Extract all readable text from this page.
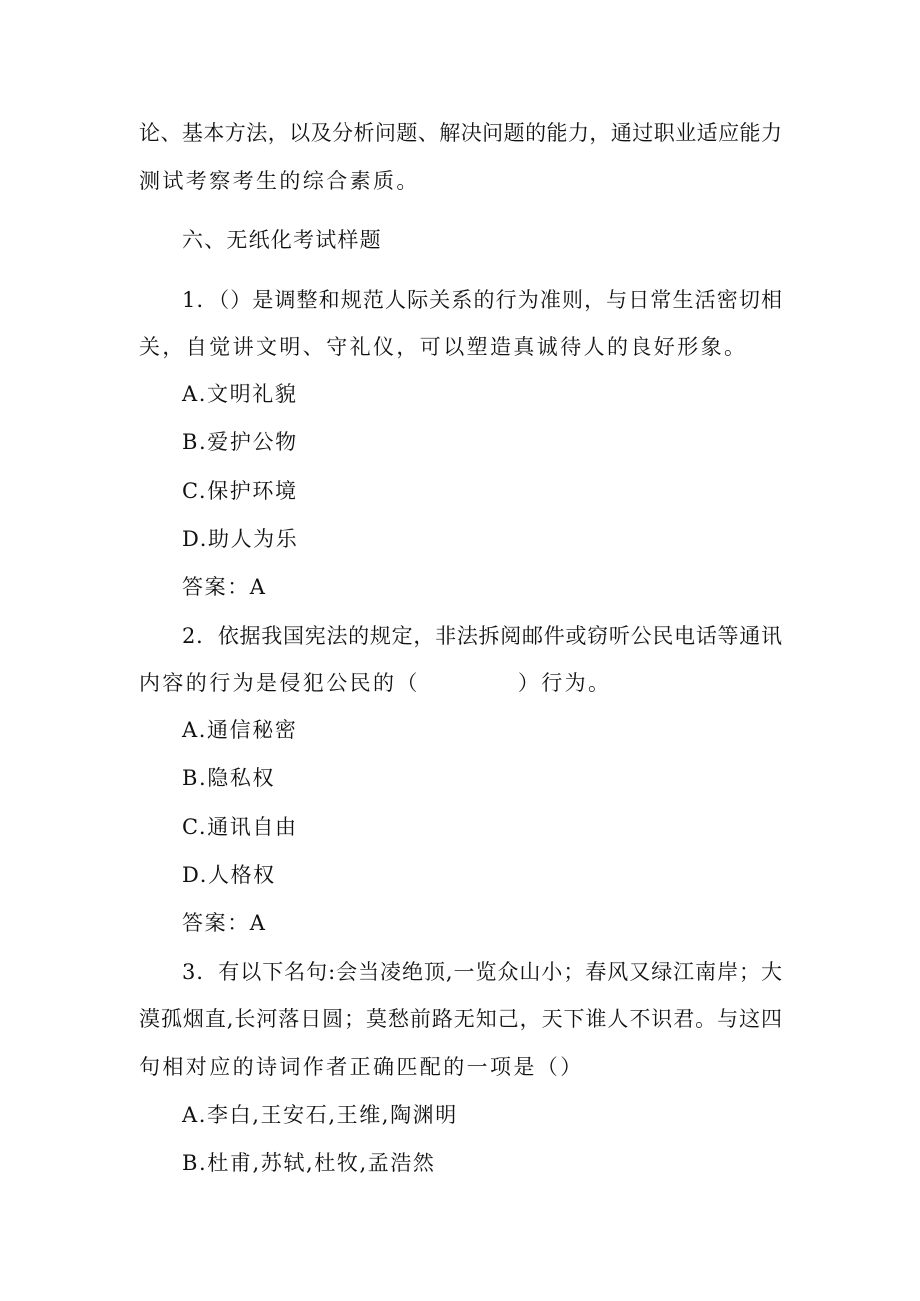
论、基本方法，以及分析问题、解决问题的能力，通过职业适应能力
测试考察考生的综合素质。
六、无纸化考试样题
1．（）是调整和规范人际关系的行为准则，与日常生活密切相
关，自觉讲文明、守礼仪，可以塑造真诚待人的良好形象。
A.文明礼貌
B.爱护公物
C.保护环境
D.助人为乐
答案：A
2．依据我国宪法的规定，非法拆阅邮件或窃听公民电话等通讯
内容的行为是侵犯公民的（	）行为。
A.通信秘密
B.隐私权
C.通讯自由
D.人格权
答案：A
3．有以下名句:会当凌绝顶,一览众山小；春风又绿江南岸；大
漠孤烟直,长河落日圆；莫愁前路无知己，天下谁人不识君。与这四
句相对应的诗词作者正确匹配的一项是（）
A.李白,王安石,王维,陶渊明
B.杜甫,苏轼,杜牧,孟浩然
